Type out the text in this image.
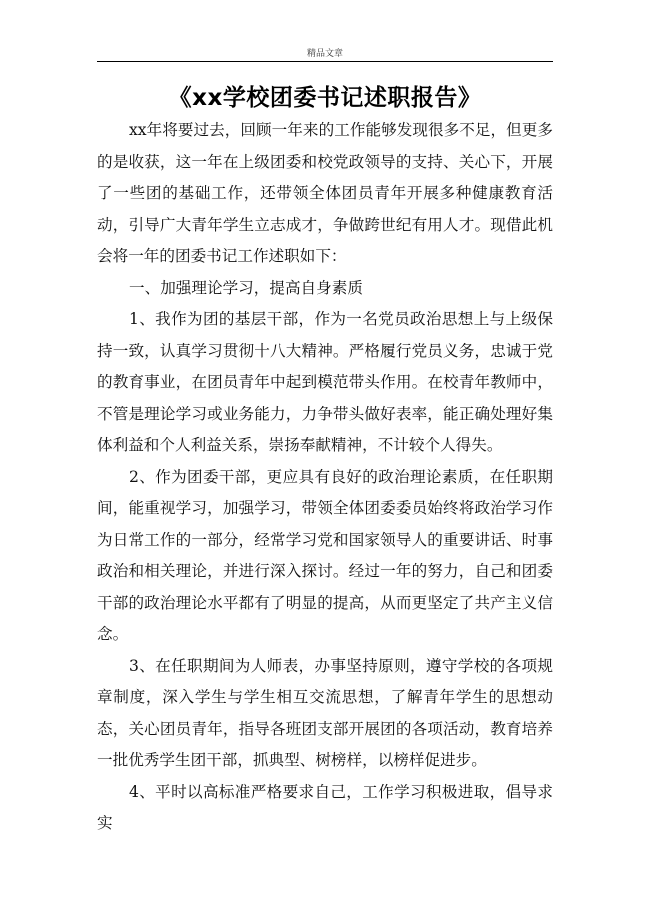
精品文章
《xx学校团委书记述职报告》

xx年将要过去，回顾一年来的工作能够发现很多不足，但更多的是收获，这一年在上级团委和校党政领导的支持、关心下，开展了一些团的基础工作，还带领全体团员青年开展多种健康教育活动，引导广大青年学生立志成才，争做跨世纪有用人才。现借此机会将一年的团委书记工作述职如下：

一、加强理论学习，提高自身素质

1、我作为团的基层干部，作为一名党员政治思想上与上级保持一致，认真学习贯彻十八大精神。严格履行党员义务，忠诚于党的教育事业，在团员青年中起到模范带头作用。在校青年教师中，不管是理论学习或业务能力，力争带头做好表率，能正确处理好集体利益和个人利益关系，崇扬奉献精神，不计较个人得失。

2、作为团委干部，更应具有良好的政治理论素质，在任职期间，能重视学习，加强学习，带领全体团委委员始终将政治学习作为日常工作的一部分，经常学习党和国家领导人的重要讲话、时事政治和相关理论，并进行深入探讨。经过一年的努力，自己和团委干部的政治理论水平都有了明显的提高，从而更坚定了共产主义信念。

3、在任职期间为人师表，办事坚持原则，遵守学校的各项规章制度，深入学生与学生相互交流思想，了解青年学生的思想动态，关心团员青年，指导各班团支部开展团的各项活动，教育培养一批优秀学生团干部，抓典型、树榜样，以榜样促进步。

4、平时以高标准严格要求自己，工作学习积极进取，倡导求实
